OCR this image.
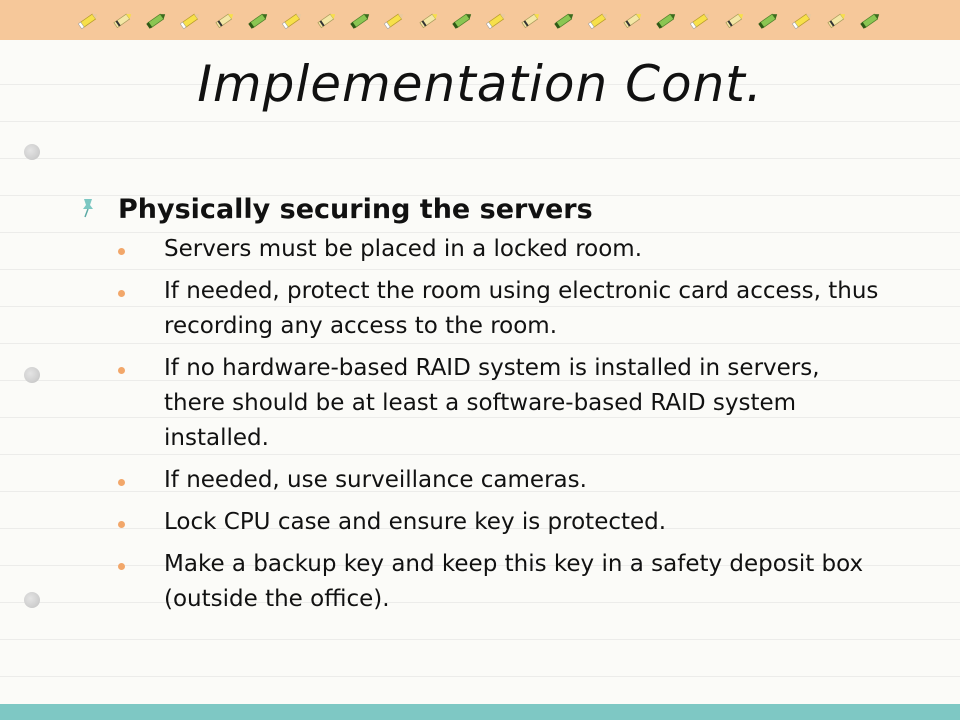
Implementation Cont.
Physically securing the servers
Servers must be placed in a locked room.
If needed, protect the room using electronic card access, thus recording any access to the room.
If no hardware-based RAID system is installed in servers, there should be at least a software-based RAID system installed.
If needed, use surveillance cameras.
Lock CPU case and ensure key is protected.
Make a backup key and keep this key in a safety deposit box (outside the office).
